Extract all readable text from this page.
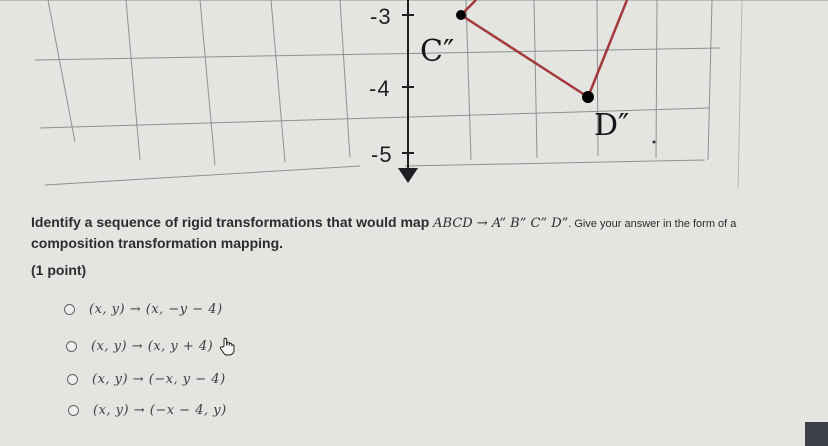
-3
-4
-5
C″
D″
Identify a sequence of rigid transformations that would map ABCD → A” B” C” D”. Give your answer in the form of a
composition transformation mapping.
(1 point)
(x, y) → (x, −y − 4)
(x, y) → (x, y + 4)
(x, y) → (−x, y − 4)
(x, y) → (−x − 4, y)
